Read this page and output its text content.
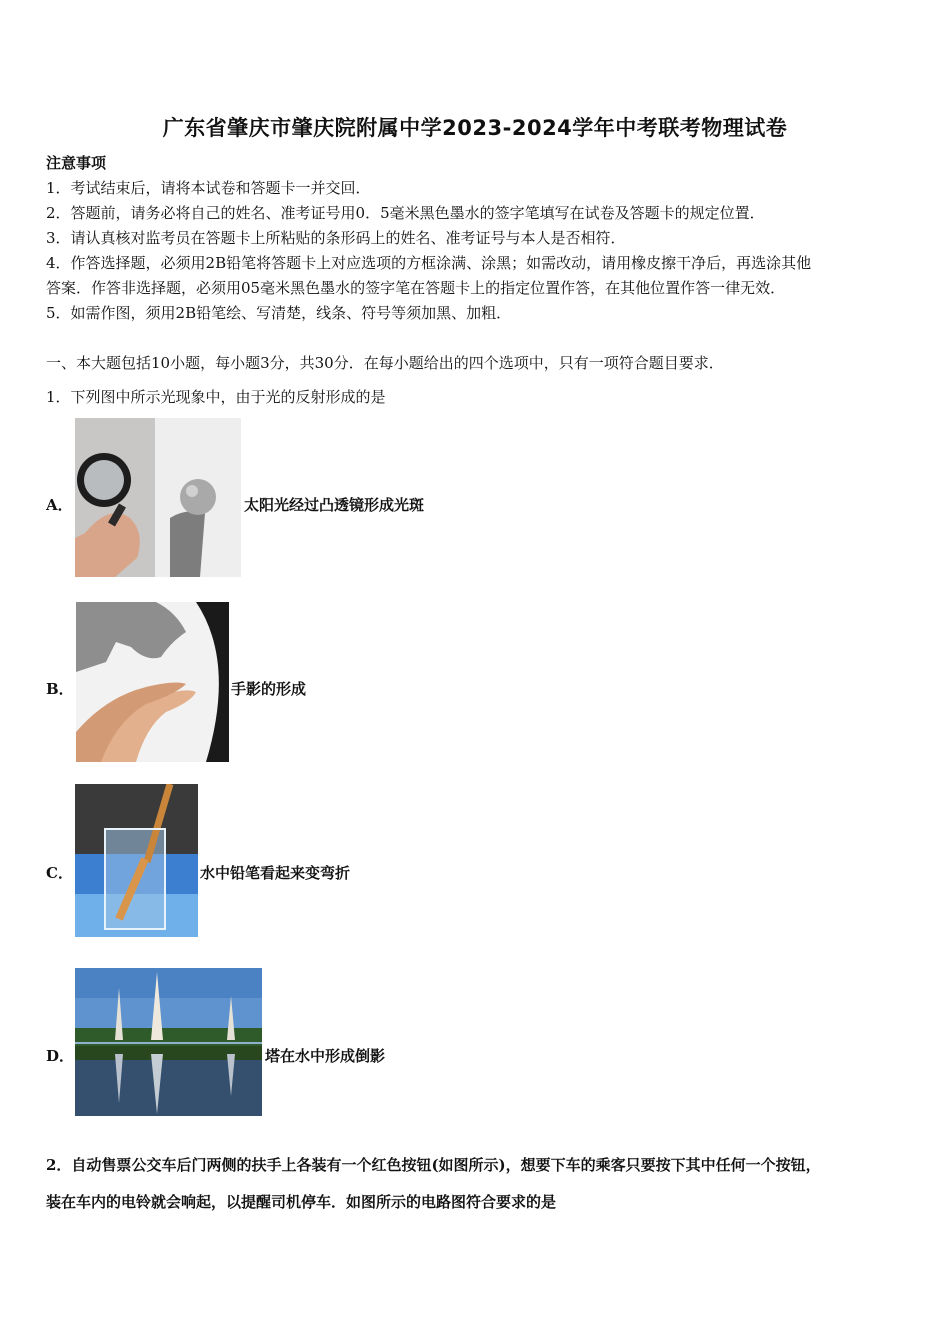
广东省肇庆市肇庆院附属中学2023-2024学年中考联考物理试卷
注意事项
1．考试结束后，请将本试卷和答题卡一并交回．
2．答题前，请务必将自己的姓名、准考证号用0．5毫米黑色墨水的签字笔填写在试卷及答题卡的规定位置．
3．请认真核对监考员在答题卡上所粘贴的条形码上的姓名、准考证号与本人是否相符．
4．作答选择题，必须用2B铅笔将答题卡上对应选项的方框涂满、涂黑；如需改动，请用橡皮擦干净后，再选涂其他
答案．作答非选择题，必须用05毫米黑色墨水的签字笔在答题卡上的指定位置作答，在其他位置作答一律无效．
5．如需作图，须用2B铅笔绘、写清楚，线条、符号等须加黑、加粗．
一、本大题包括10小题，每小题3分，共30分．在每小题给出的四个选项中，只有一项符合题目要求．
1．下列图中所示光现象中，由于光的反射形成的是
A．	太阳光经过凸透镜形成光斑
B．	手影的形成
C．	水中铅笔看起来变弯折
D．	塔在水中形成倒影
2．自动售票公交车后门两侧的扶手上各装有一个红色按钮(如图所示)，想要下车的乘客只要按下其中任何一个按钮，
装在车内的电铃就会响起，以提醒司机停车．如图所示的电路图符合要求的是
